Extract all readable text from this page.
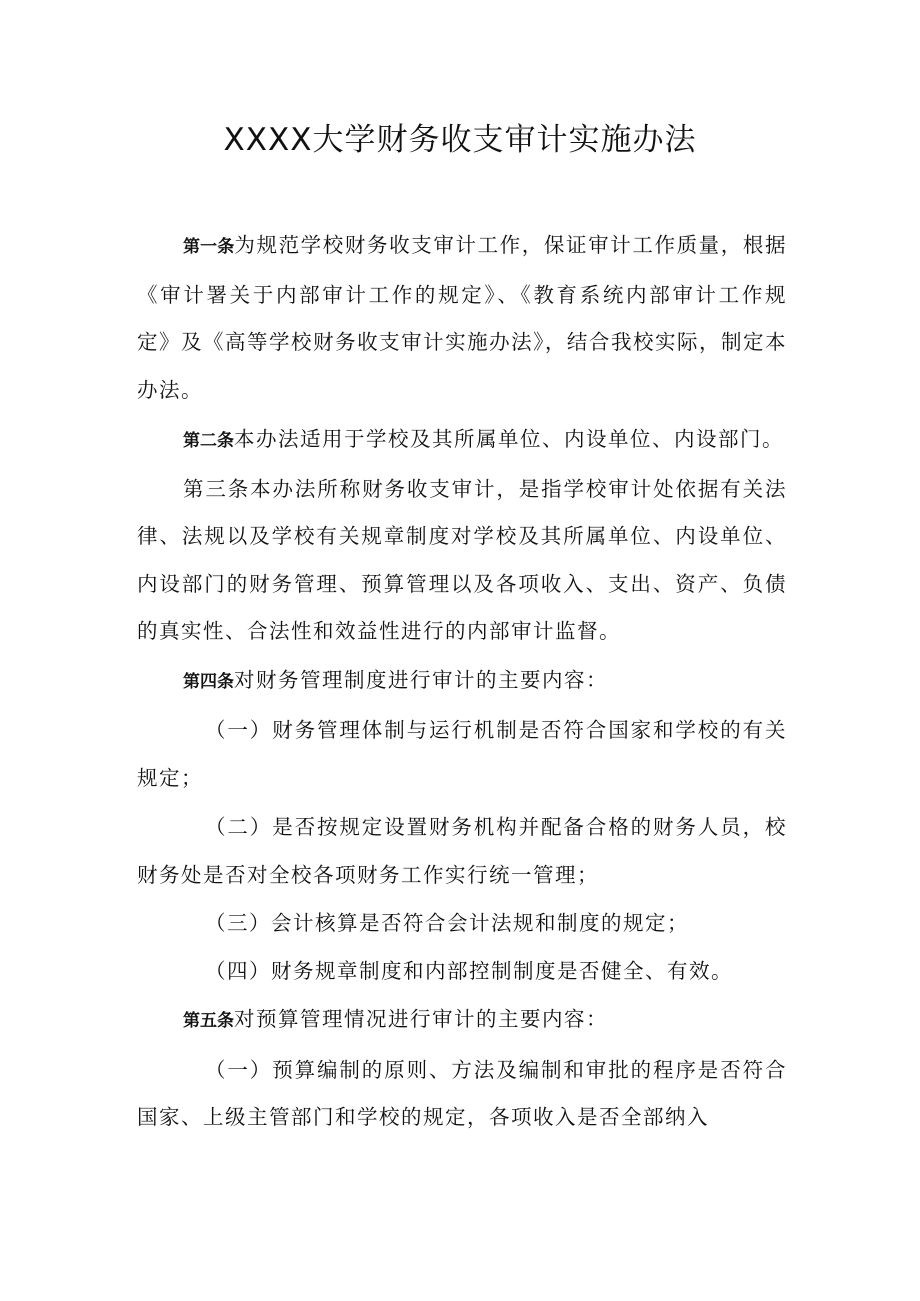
XXXX大学财务收支审计实施办法

第一条为规范学校财务收支审计工作，保证审计工作质量，根据《审计署关于内部审计工作的规定》、《教育系统内部审计工作规定》及《高等学校财务收支审计实施办法》，结合我校实际，制定本办法。

第二条本办法适用于学校及其所属单位、内设单位、内设部门。

第三条本办法所称财务收支审计，是指学校审计处依据有关法律、法规以及学校有关规章制度对学校及其所属单位、内设单位、内设部门的财务管理、预算管理以及各项收入、支出、资产、负债的真实性、合法性和效益性进行的内部审计监督。

第四条对财务管理制度进行审计的主要内容：

（一）财务管理体制与运行机制是否符合国家和学校的有关规定；

（二）是否按规定设置财务机构并配备合格的财务人员，校财务处是否对全校各项财务工作实行统一管理；

（三）会计核算是否符合会计法规和制度的规定；

（四）财务规章制度和内部控制制度是否健全、有效。

第五条对预算管理情况进行审计的主要内容：

（一）预算编制的原则、方法及编制和审批的程序是否符合国家、上级主管部门和学校的规定，各项收入是否全部纳入
